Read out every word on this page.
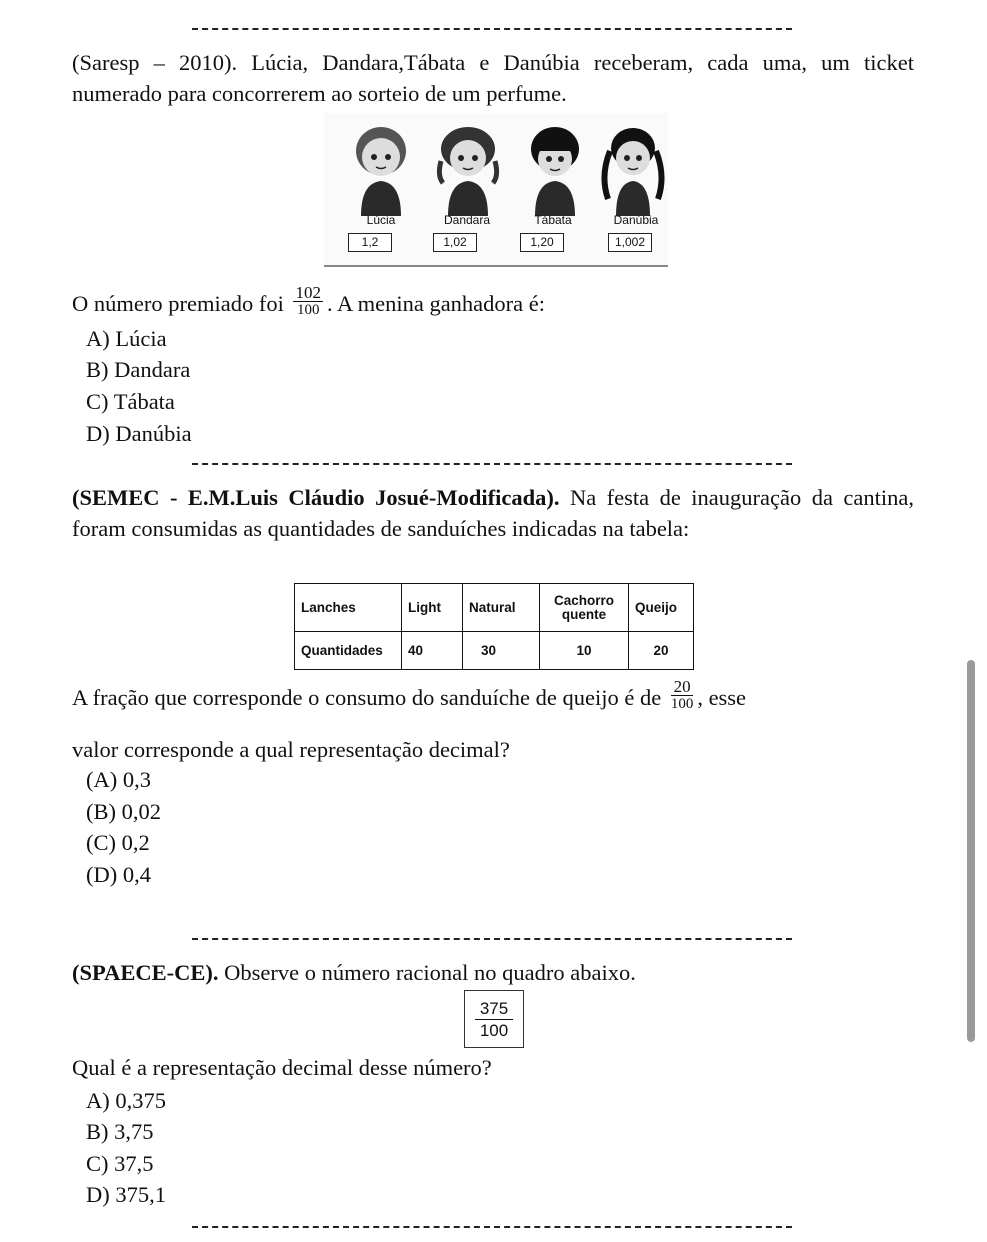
(Saresp – 2010). Lúcia, Dandara,Tábata e Danúbia receberam, cada uma, um ticket numerado para concorrerem ao sorteio de um perfume.
Lúcia	Dandara	Tábata	Danúbia
1,2	1,02	1,20	1,002
O número premiado foi $\frac{102}{100}$ . A menina ganhadora é:
A) Lúcia
B) Dandara
C) Tábata
D) Danúbia
(SEMEC - E.M.Luis Cláudio Josué-Modificada). Na festa de inauguração da cantina, foram consumidas as quantidades de sanduíches indicadas na tabela:
Lanches	Light	Natural	Cachorro quente	Queijo
Quantidades	40	30	10	20
A fração que corresponde o consumo do sanduíche de queijo é de $\frac{20}{100}$ , esse
valor corresponde a qual representação decimal?
(A) 0,3
(B) 0,02
(C) 0,2
(D) 0,4
(SPAECE-CE). Observe o número racional no quadro abaixo.
375
100
Qual é a representação decimal desse número?
A) 0,375
B) 3,75
C) 37,5
D) 375,1
